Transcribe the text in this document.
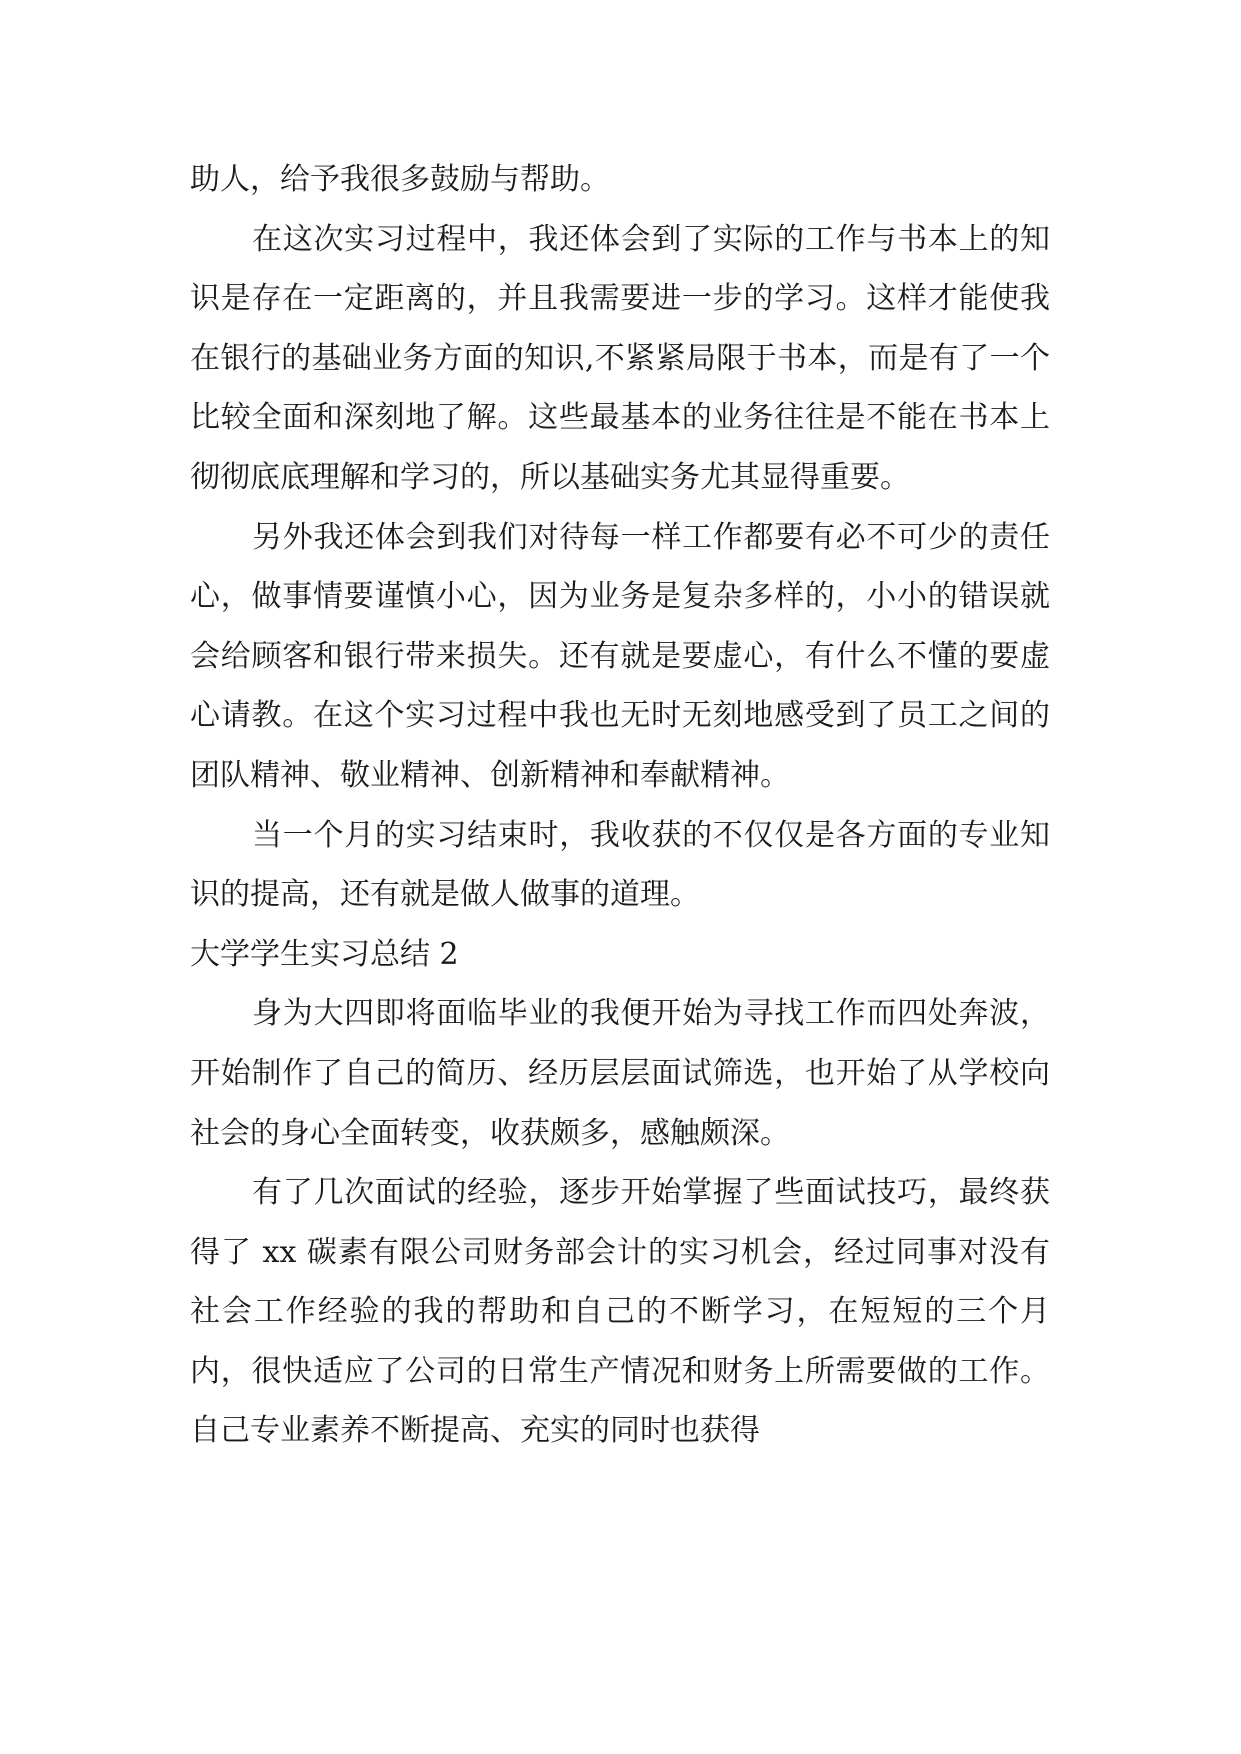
助人，给予我很多鼓励与帮助。

在这次实习过程中，我还体会到了实际的工作与书本上的知识是存在一定距离的，并且我需要进一步的学习。这样才能使我在银行的基础业务方面的知识,不紧紧局限于书本，而是有了一个比较全面和深刻地了解。这些最基本的业务往往是不能在书本上彻彻底底理解和学习的，所以基础实务尤其显得重要。

另外我还体会到我们对待每一样工作都要有必不可少的责任心，做事情要谨慎小心，因为业务是复杂多样的，小小的错误就会给顾客和银行带来损失。还有就是要虚心，有什么不懂的要虚心请教。在这个实习过程中我也无时无刻地感受到了员工之间的团队精神、敬业精神、创新精神和奉献精神。

当一个月的实习结束时，我收获的不仅仅是各方面的专业知识的提高，还有就是做人做事的道理。

大学学生实习总结 2

身为大四即将面临毕业的我便开始为寻找工作而四处奔波，开始制作了自己的简历、经历层层面试筛选，也开始了从学校向社会的身心全面转变，收获颇多，感触颇深。

有了几次面试的经验，逐步开始掌握了些面试技巧，最终获得了 xx 碳素有限公司财务部会计的实习机会，经过同事对没有社会工作经验的我的帮助和自己的不断学习，在短短的三个月内，很快适应了公司的日常生产情况和财务上所需要做的工作。自己专业素养不断提高、充实的同时也获得
